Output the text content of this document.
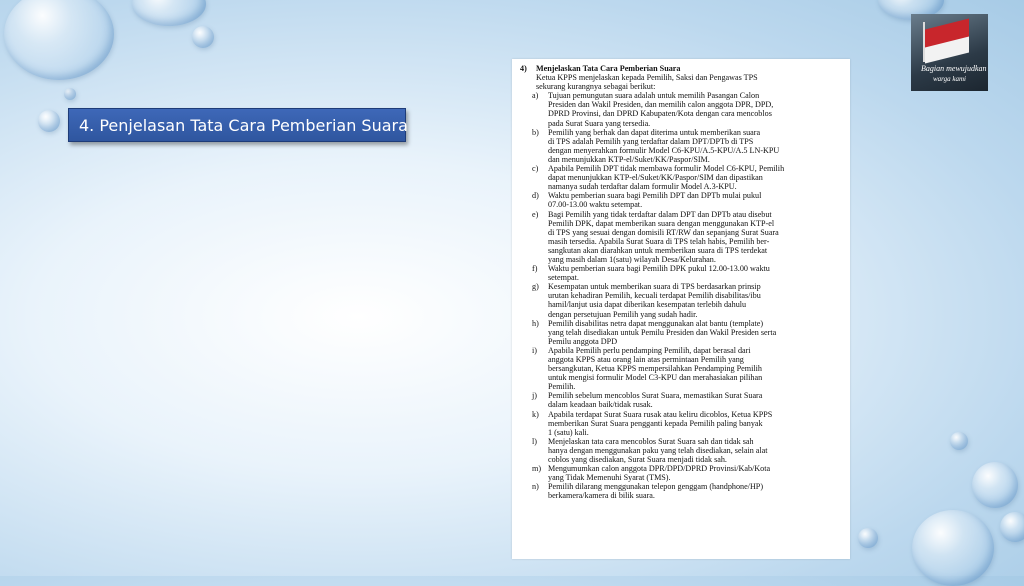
Bagian mewujudkan
warga kami
4. Penjelasan Tata Cara Pemberian Suara
4) Menjelaskan Tata Cara Pemberian Suara
Ketua KPPS menjelaskan kepada Pemilih, Saksi dan Pengawas TPS
sekurang kurangnya sebagai berikut:
a)	Tujuan pemungutan suara adalah untuk memilih Pasangan Calon
Presiden dan Wakil Presiden, dan memilih calon anggota DPR, DPD,
DPRD Provinsi, dan DPRD Kabupaten/Kota dengan cara mencoblos
pada Surat Suara yang tersedia.
b)	Pemilih yang berhak dan dapat diterima untuk memberikan suara
di TPS adalah Pemilih yang terdaftar dalam DPT/DPTb di TPS
dengan menyerahkan formulir Model C6-KPU/A.5-KPU/A.5 LN-KPU
dan menunjukkan KTP-el/Suket/KK/Paspor/SIM.
c)	Apabila Pemilih DPT tidak membawa formulir Model C6-KPU, Pemilih
dapat menunjukkan KTP-el/Suket/KK/Paspor/SIM dan dipastikan
namanya sudah terdaftar dalam formulir Model A.3-KPU.
d)	Waktu pemberian suara bagi Pemilih DPT dan DPTb mulai pukul
07.00-13.00 waktu setempat.
e)	Bagi Pemilih yang tidak terdaftar dalam DPT dan DPTb atau disebut
Pemilih DPK, dapat memberikan suara dengan menggunakan KTP-el
di TPS yang sesuai dengan domisili RT/RW dan sepanjang Surat Suara
masih tersedia. Apabila Surat Suara di TPS telah habis, Pemilih ber-
sangkutan akan diarahkan untuk memberikan suara di TPS terdekat
yang masih dalam 1(satu) wilayah Desa/Kelurahan.
f)	Waktu pemberian suara bagi Pemilih DPK pukul 12.00-13.00 waktu
setempat.
g)	Kesempatan untuk memberikan suara di TPS berdasarkan prinsip
urutan kehadiran Pemilih, kecuali terdapat Pemilih disabilitas/ibu
hamil/lanjut usia dapat diberikan kesempatan terlebih dahulu
dengan persetujuan Pemilih yang sudah hadir.
h)	Pemilih disabilitas netra dapat menggunakan alat bantu (template)
yang telah disediakan untuk Pemilu Presiden dan Wakil Presiden serta
Pemilu anggota DPD
i)	Apabila Pemilih perlu pendamping Pemilih, dapat berasal dari
anggota KPPS atau orang lain atas permintaan Pemilih yang
bersangkutan, Ketua KPPS mempersilahkan Pendamping Pemilih
untuk mengisi formulir Model C3-KPU dan merahasiakan pilihan
Pemilih.
j)	Pemilih sebelum mencoblos Surat Suara, memastikan Surat Suara
dalam keadaan baik/tidak rusak.
k)	Apabila terdapat Surat Suara rusak atau keliru dicoblos, Ketua KPPS
memberikan Surat Suara pengganti kepada Pemilih paling banyak
1 (satu) kali.
l)	Menjelaskan tata cara mencoblos Surat Suara sah dan tidak sah
hanya dengan menggunakan paku yang telah disediakan, selain alat
coblos yang disediakan, Surat Suara menjadi tidak sah.
m) Mengumumkan calon anggota DPR/DPD/DPRD Provinsi/Kab/Kota
yang Tidak Memenuhi Syarat (TMS).
n)	Pemilih dilarang menggunakan telepon genggam (handphone/HP)
berkamera/kamera di bilik suara.
